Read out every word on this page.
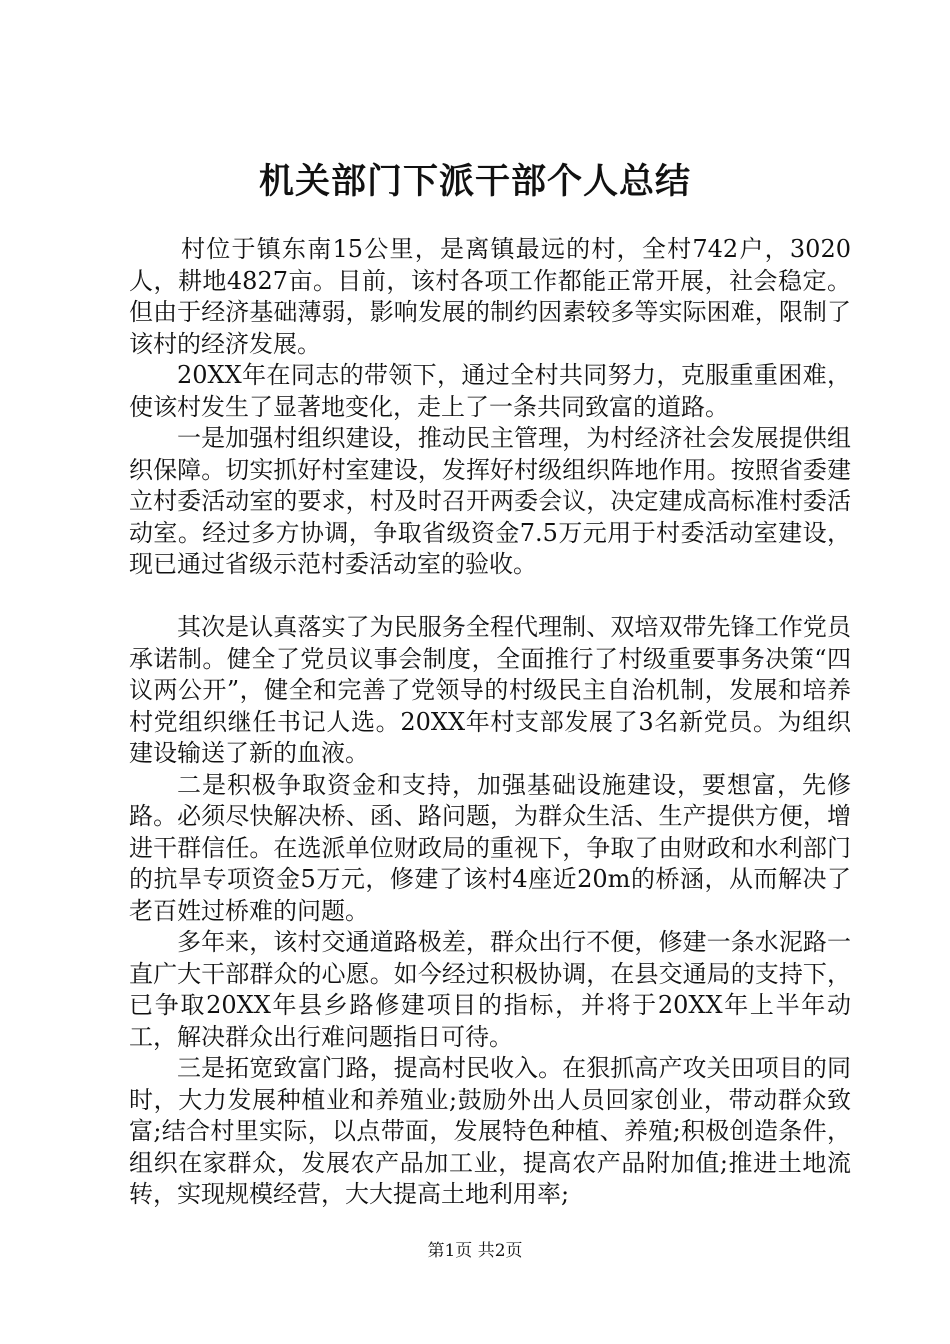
机关部门下派干部个人总结

村位于镇东南15公里，是离镇最远的村，全村742户，3020人，耕地4827亩。目前，该村各项工作都能正常开展，社会稳定。但由于经济基础薄弱，影响发展的制约因素较多等实际困难，限制了该村的经济发展。

20XX年在同志的带领下，通过全村共同努力，克服重重困难，使该村发生了显著地变化，走上了一条共同致富的道路。

一是加强村组织建设，推动民主管理，为村经济社会发展提供组织保障。切实抓好村室建设，发挥好村级组织阵地作用。按照省委建立村委活动室的要求，村及时召开两委会议，决定建成高标准村委活动室。经过多方协调，争取省级资金7.5万元用于村委活动室建设，现已通过省级示范村委活动室的验收。

其次是认真落实了为民服务全程代理制、双培双带先锋工作党员承诺制。健全了党员议事会制度，全面推行了村级重要事务决策“四议两公开”，健全和完善了党领导的村级民主自治机制，发展和培养村党组织继任书记人选。20XX年村支部发展了3名新党员。为组织建设输送了新的血液。

二是积极争取资金和支持，加强基础设施建设，要想富，先修路。必须尽快解决桥、函、路问题，为群众生活、生产提供方便，增进干群信任。在选派单位财政局的重视下，争取了由财政和水利部门的抗旱专项资金5万元，修建了该村4座近20m的桥涵，从而解决了老百姓过桥难的问题。

多年来，该村交通道路极差，群众出行不便，修建一条水泥路一直广大干部群众的心愿。如今经过积极协调，在县交通局的支持下，已争取20XX年县乡路修建项目的指标，并将于20XX年上半年动工，解决群众出行难问题指日可待。

三是拓宽致富门路，提高村民收入。在狠抓高产攻关田项目的同时，大力发展种植业和养殖业;鼓励外出人员回家创业，带动群众致富;结合村里实际，以点带面，发展特色种植、养殖;积极创造条件，组织在家群众，发展农产品加工业，提高农产品附加值;推进土地流转，实现规模经营，大大提高土地利用率;

第1页 共2页
